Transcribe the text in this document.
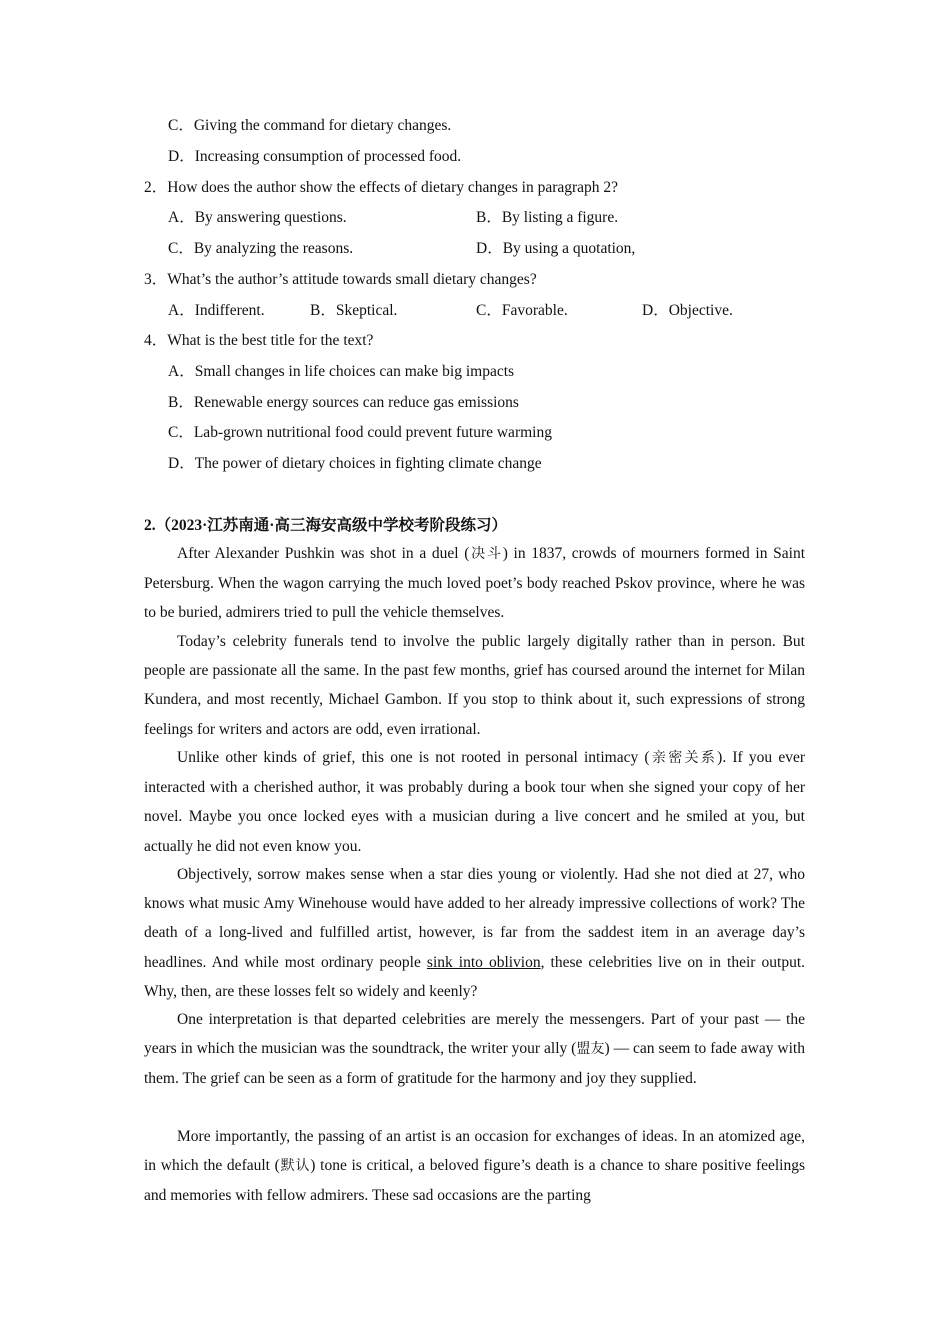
C．Giving the command for dietary changes.
D．Increasing consumption of processed food.
2．How does the author show the effects of dietary changes in paragraph 2?
A．By answering questions.	B．By listing a figure.
C．By analyzing the reasons.	D．By using a quotation,
3．What’s the author’s attitude towards small dietary changes?
A．Indifferent.	B．Skeptical.	C．Favorable.	D．Objective.
4．What is the best title for the text?
A．Small changes in life choices can make big impacts
B．Renewable energy sources can reduce gas emissions
C．Lab-grown nutritional food could prevent future warming
D．The power of dietary choices in fighting climate change
2.（2023·江苏南通·高三海安高级中学校考阶段练习）

After Alexander Pushkin was shot in a duel (决斗) in 1837, crowds of mourners formed in Saint Petersburg. When the wagon carrying the much loved poet’s body reached Pskov province, where he was to be buried, admirers tried to pull the vehicle themselves.

Today’s celebrity funerals tend to involve the public largely digitally rather than in person. But people are passionate all the same. In the past few months, grief has coursed around the internet for Milan Kundera, and most recently, Michael Gambon. If you stop to think about it, such expressions of strong feelings for writers and actors are odd, even irrational.

Unlike other kinds of grief, this one is not rooted in personal intimacy (亲密关系). If you ever interacted with a cherished author, it was probably during a book tour when she signed your copy of her novel. Maybe you once locked eyes with a musician during a live concert and he smiled at you, but actually he did not even know you.

Objectively, sorrow makes sense when a star dies young or violently. Had she not died at 27, who knows what music Amy Winehouse would have added to her already impressive collections of work? The death of a long-lived and fulfilled artist, however, is far from the saddest item in an average day’s headlines. And while most ordinary people sink into oblivion, these celebrities live on in their output. Why, then, are these losses felt so widely and keenly?

One interpretation is that departed celebrities are merely the messengers. Part of your past — the years in which the musician was the soundtrack, the writer your ally (盟友) — can seem to fade away with them. The grief can be seen as a form of gratitude for the harmony and joy they supplied.

More importantly, the passing of an artist is an occasion for exchanges of ideas. In an atomized age, in which the default (默认) tone is critical, a beloved figure’s death is a chance to share positive feelings and memories with fellow admirers. These sad occasions are the parting
